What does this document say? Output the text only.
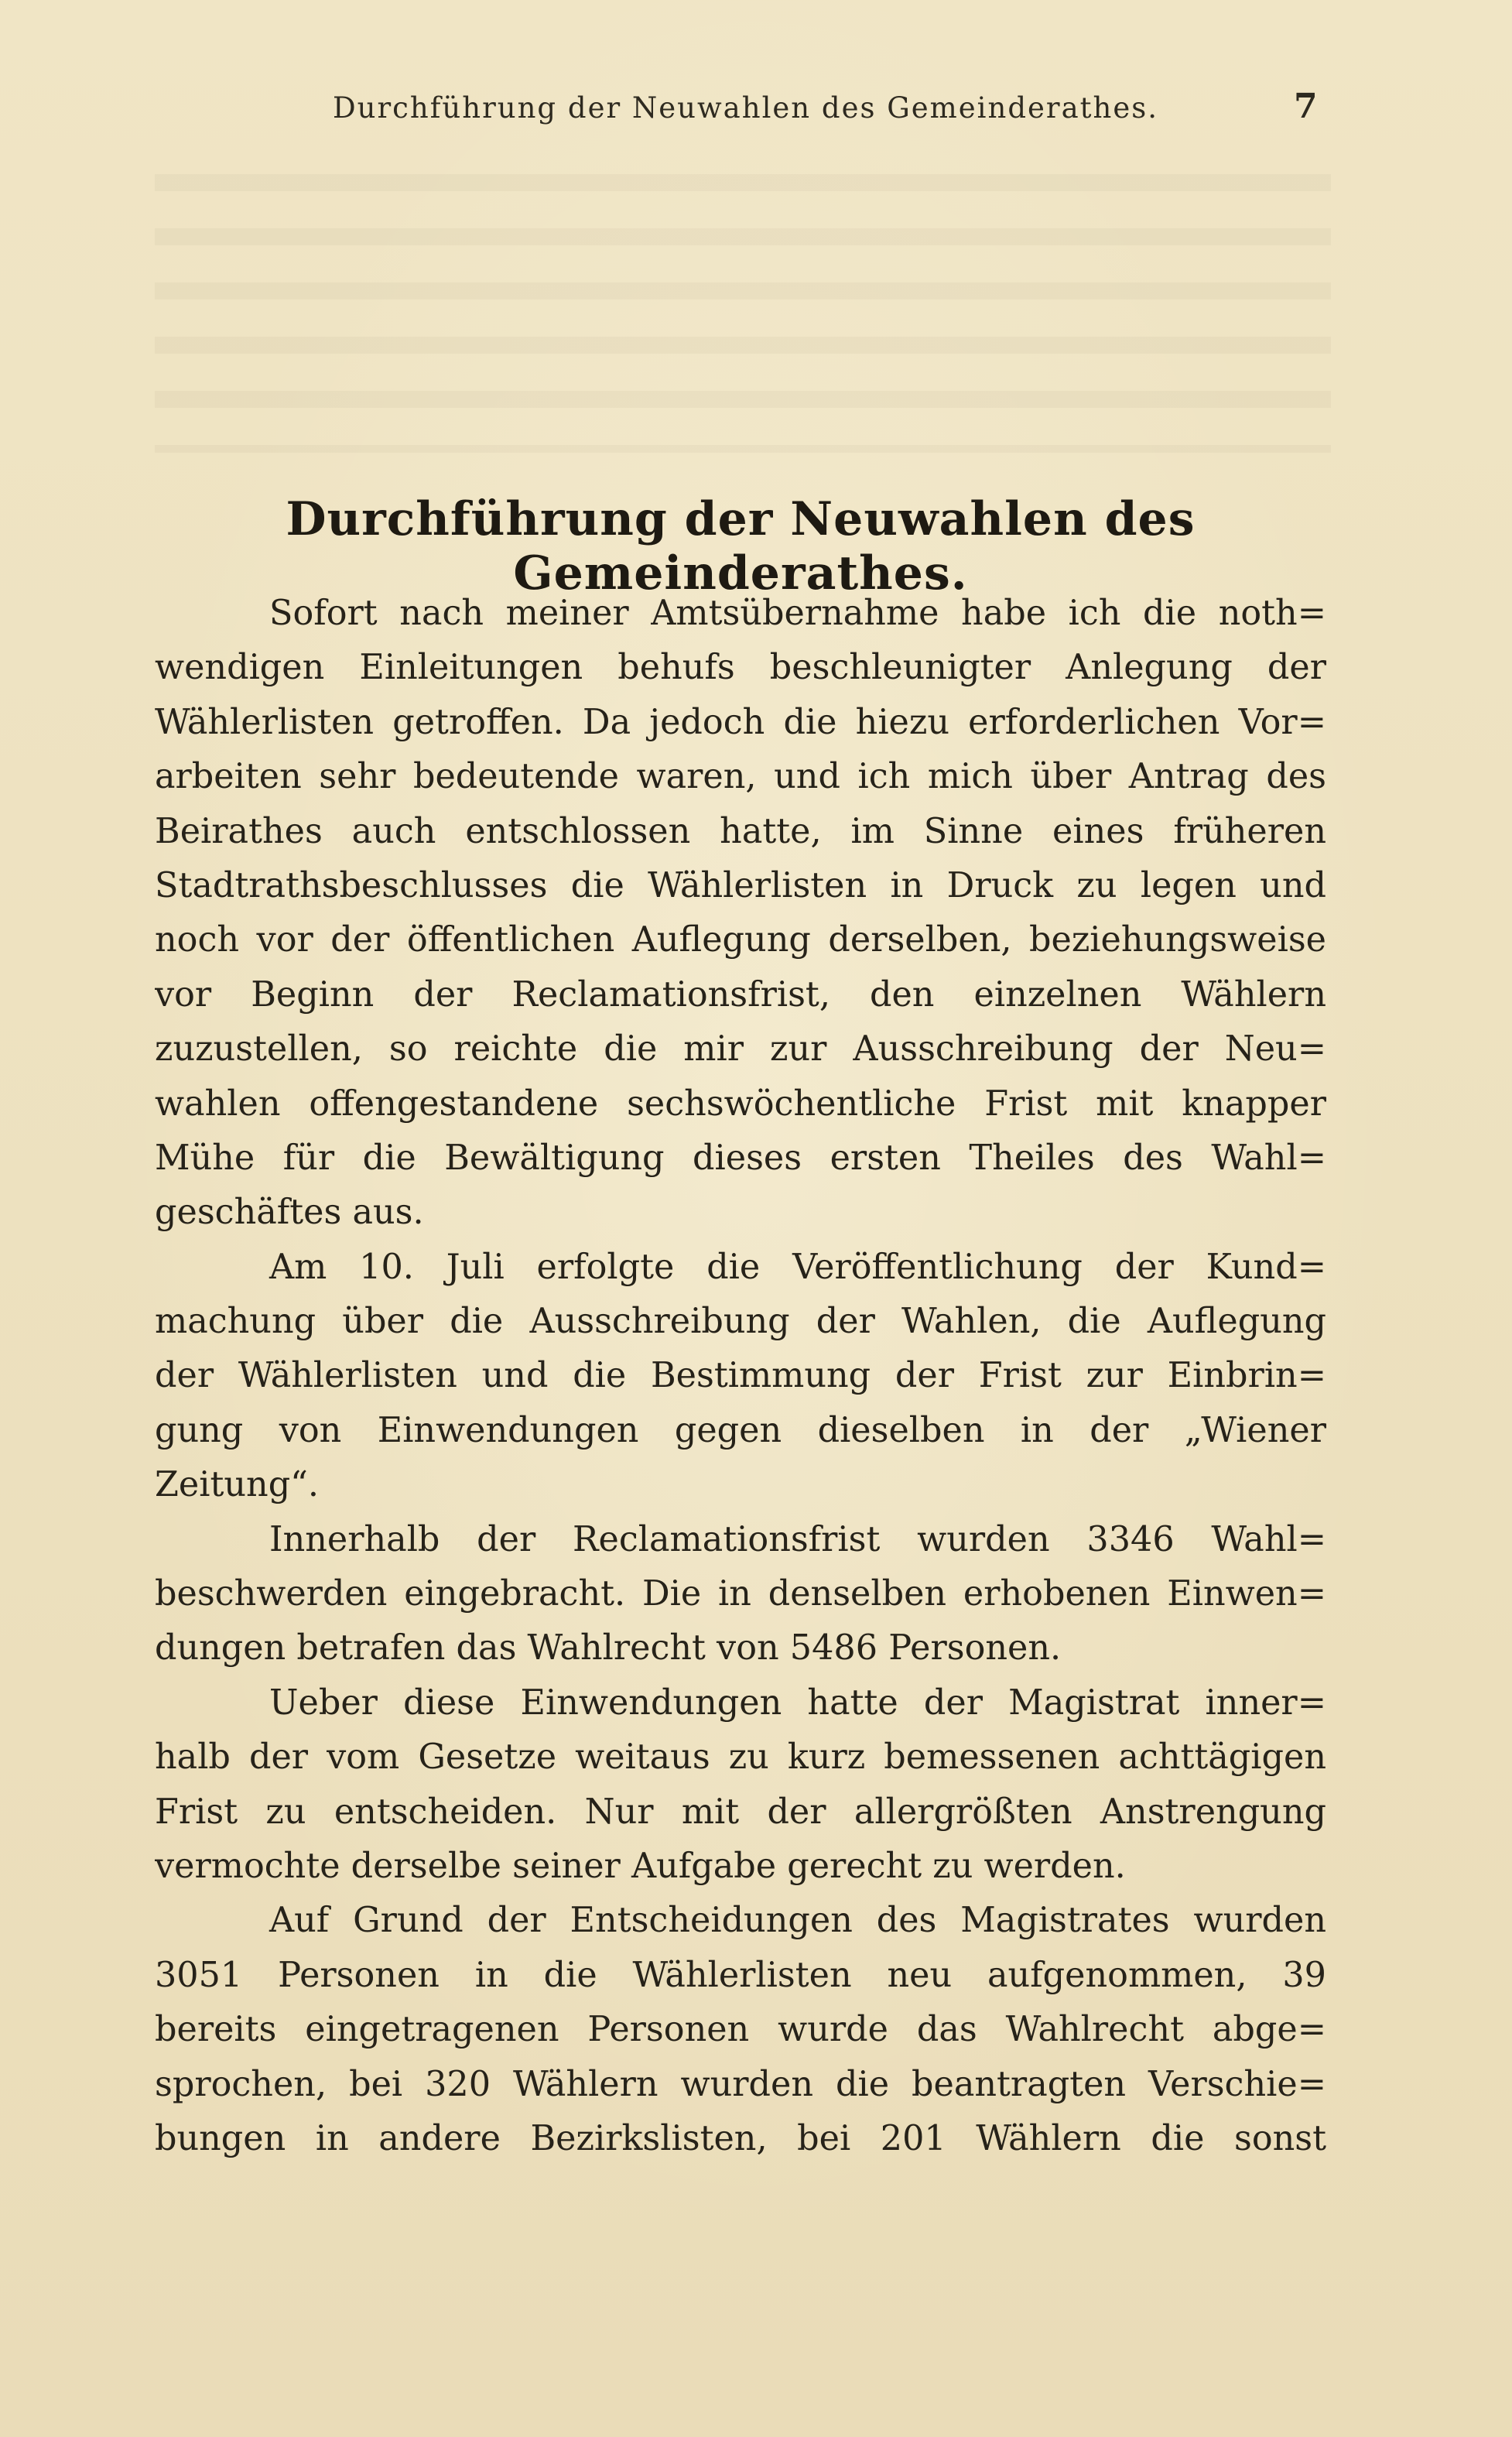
Durchführung der Neuwahlen des Gemeinderathes.	7
Durchführung der Neuwahlen des Gemeinderathes.
Sofort nach meiner Amtsübernahme habe ich die noth=
wendigen Einleitungen behufs beschleunigter Anlegung der
Wählerlisten getroffen. Da jedoch die hiezu erforderlichen Vor=
arbeiten sehr bedeutende waren, und ich mich über Antrag des
Beirathes auch entschlossen hatte, im Sinne eines früheren
Stadtrathsbeschlusses die Wählerlisten in Druck zu legen und
noch vor der öffentlichen Auflegung derselben, beziehungsweise
vor Beginn der Reclamationsfrist, den einzelnen Wählern
zuzustellen, so reichte die mir zur Ausschreibung der Neu=
wahlen offengestandene sechswöchentliche Frist mit knapper
Mühe für die Bewältigung dieses ersten Theiles des Wahl=
geschäftes aus.
Am 10. Juli erfolgte die Veröffentlichung der Kund=
machung über die Ausschreibung der Wahlen, die Auflegung
der Wählerlisten und die Bestimmung der Frist zur Einbrin=
gung von Einwendungen gegen dieselben in der „Wiener
Zeitung“.
Innerhalb der Reclamationsfrist wurden 3346 Wahl=
beschwerden eingebracht. Die in denselben erhobenen Einwen=
dungen betrafen das Wahlrecht von 5486 Personen.
Ueber diese Einwendungen hatte der Magistrat inner=
halb der vom Gesetze weitaus zu kurz bemessenen achttägigen
Frist zu entscheiden. Nur mit der allergrößten Anstrengung
vermochte derselbe seiner Aufgabe gerecht zu werden.
Auf Grund der Entscheidungen des Magistrates wurden
3051 Personen in die Wählerlisten neu aufgenommen, 39
bereits eingetragenen Personen wurde das Wahlrecht abge=
sprochen, bei 320 Wählern wurden die beantragten Verschie=
bungen in andere Bezirkslisten, bei 201 Wählern die sonst
